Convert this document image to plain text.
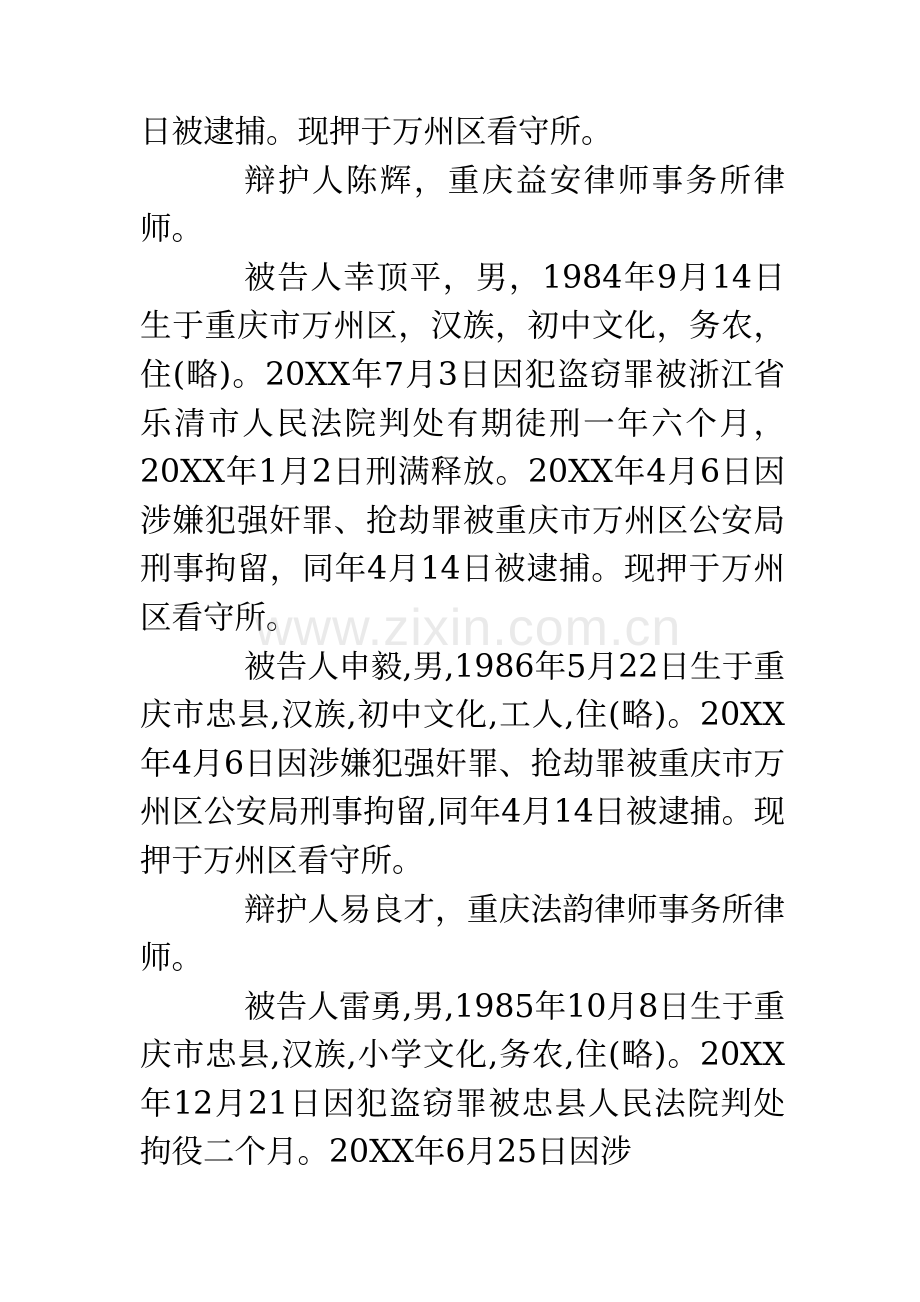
日被逮捕。现押于万州区看守所。

辩护人陈辉，重庆益安律师事务所律师。

被告人幸顶平，男，1984年9月14日生于重庆市万州区，汉族，初中文化，务农，住(略)。20XX年7月3日因犯盗窃罪被浙江省乐清市人民法院判处有期徒刑一年六个月，20XX年1月2日刑满释放。20XX年4月6日因涉嫌犯强奸罪、抢劫罪被重庆市万州区公安局刑事拘留，同年4月14日被逮捕。现押于万州区看守所。

被告人申毅,男,1986年5月22日生于重庆市忠县,汉族,初中文化,工人,住(略)。20XX年4月6日因涉嫌犯强奸罪、抢劫罪被重庆市万州区公安局刑事拘留,同年4月14日被逮捕。现押于万州区看守所。

辩护人易良才，重庆法韵律师事务所律师。

被告人雷勇,男,1985年10月8日生于重庆市忠县,汉族,小学文化,务农,住(略)。20XX年12月21日因犯盗窃罪被忠县人民法院判处拘役二个月。20XX年6月25日因涉

www.zixin.com.cn
